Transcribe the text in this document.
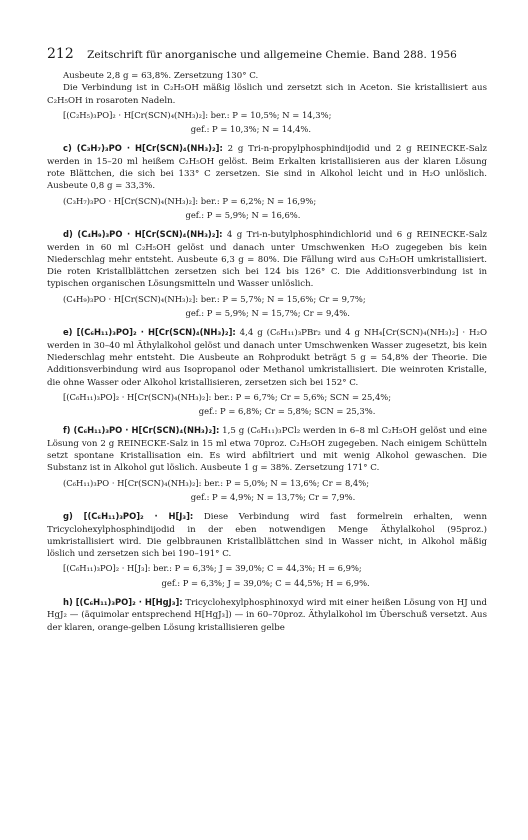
212 Zeitschrift für anorganische und allgemeine Chemie. Band 288. 1956

Ausbeute 2,8 g = 63,8%. Zersetzung 130° C.

Die Verbindung ist in C₂H₅OH mäßig löslich und zersetzt sich in Aceton. Sie kristallisiert aus C₂H₅OH in rosaroten Nadeln.

[(C₂H₅)₃PO]₂ · H[Cr(SCN)₄(NH₃)₂]: ber.: P = 10,5%; N = 14,3%;
gef.: P = 10,3%; N = 14,4%.

c) (C₃H₇)₃PO · H[Cr(SCN)₄(NH₃)₂]: 2 g Tri-n-propylphosphindijodid und 2 g REINECKE-Salz werden in 15–20 ml heißem C₂H₅OH gelöst. Beim Erkalten kristallisieren aus der klaren Lösung rote Blättchen, die sich bei 133° C zersetzen. Sie sind in Alkohol leicht und in H₂O unlöslich. Ausbeute 0,8 g = 33,3%.

(C₃H₇)₃PO · H[Cr(SCN)₄(NH₃)₂]: ber.: P = 6,2%; N = 16,9%;
gef.: P = 5,9%; N = 16,6%.

d) (C₄H₉)₃PO · H[Cr(SCN)₄(NH₃)₂]: 4 g Tri-n-butylphosphindichlorid und 6 g REINECKE-Salz werden in 60 ml C₂H₅OH gelöst und danach unter Umschwenken H₂O zugegeben bis kein Niederschlag mehr entsteht. Ausbeute 6,3 g = 80%. Die Fällung wird aus C₂H₅OH umkristallisiert. Die roten Kristallblättchen zersetzen sich bei 124 bis 126° C. Die Additionsverbindung ist in typischen organischen Lösungsmitteln und Wasser unlöslich.

(C₄H₉)₃PO · H[Cr(SCN)₄(NH₃)₂]: ber.: P = 5,7%; N = 15,6%; Cr = 9,7%;
gef.: P = 5,9%; N = 15,7%; Cr = 9,4%.

e) [(C₆H₁₁)₃PO]₂ · H[Cr(SCN)₄(NH₃)₂]: 4,4 g (C₆H₁₁)₃PBr₂ und 4 g NH₄[Cr(SCN)₄(NH₃)₂] · H₂O werden in 30–40 ml Äthylalkohol gelöst und danach unter Umschwenken Wasser zugesetzt, bis kein Niederschlag mehr entsteht. Die Ausbeute an Rohprodukt beträgt 5 g = 54,8% der Theorie. Die Additionsverbindung wird aus Isopropanol oder Methanol umkristallisiert. Die weinroten Kristalle, die ohne Wasser oder Alkohol kristallisieren, zersetzen sich bei 152° C.

[(C₆H₁₁)₃PO]₂ · H[Cr(SCN)₄(NH₃)₂]: ber.: P = 6,7%; Cr = 5,6%; SCN = 25,4%;
gef.: P = 6,8%; Cr = 5,8%; SCN = 25,3%.

f) (C₆H₁₁)₃PO · H[Cr(SCN)₄(NH₃)₂]: 1,5 g (C₆H₁₁)₃PCl₂ werden in 6–8 ml C₂H₅OH gelöst und eine Lösung von 2 g REINECKE-Salz in 15 ml etwa 70proz. C₂H₅OH zugegeben. Nach einigem Schütteln setzt spontane Kristallisation ein. Es wird abfiltriert und mit wenig Alkohol gewaschen. Die Substanz ist in Alkohol gut löslich. Ausbeute 1 g = 38%. Zersetzung 171° C.

(C₆H₁₁)₃PO · H[Cr(SCN)₄(NH₃)₂]: ber.: P = 5,0%; N = 13,6%; Cr = 8,4%;
gef.: P = 4,9%; N = 13,7%; Cr = 7,9%.

g) [(C₆H₁₁)₃PO]₂ · H[J₃]: Diese Verbindung wird fast formelrein erhalten, wenn Tricyclohexylphosphindijodid in der eben notwendigen Menge Äthylalkohol (95proz.) umkristallisiert wird. Die gelbbraunen Kristallblättchen sind in Wasser nicht, in Alkohol mäßig löslich und zersetzen sich bei 190–191° C.

[(C₆H₁₁)₃PO]₂ · H[J₃]: ber.: P = 6,3%; J = 39,0%; C = 44,3%; H = 6,9%;
gef.: P = 6,3%; J = 39,0%; C = 44,5%; H = 6,9%.

h) [(C₆H₁₁)₃PO]₂ · H[HgJ₃]: Tricyclohexylphosphinoxyd wird mit einer heißen Lösung von HJ und HgJ₂ — (äquimolar entsprechend H[HgJ₃]) — in 60–70proz. Äthylalkohol im Überschuß versetzt. Aus der klaren, orange-gelben Lösung kristallisieren gelbe
